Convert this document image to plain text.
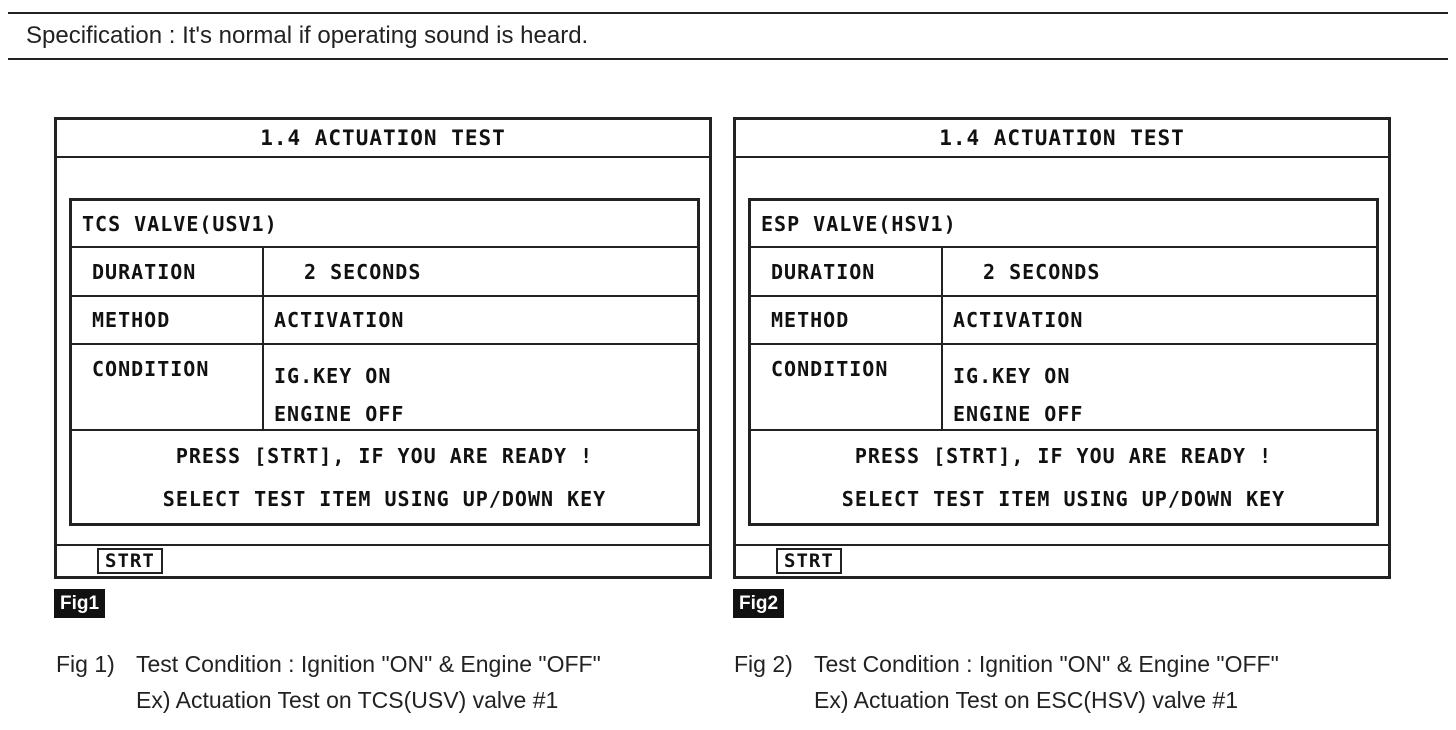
Specification : It's normal if operating sound is heard.
1.4 ACTUATION TEST
TCS VALVE(USV1)
DURATION	2 SECONDS
METHOD	ACTIVATION
CONDITION	IG.KEY ON
ENGINE OFF
PRESS [STRT], IF YOU ARE READY !
SELECT TEST ITEM USING UP/DOWN KEY
STRT
Fig1
Fig 1) Test Condition : Ignition "ON" & Engine "OFF"
Ex) Actuation Test on TCS(USV) valve #1
1.4 ACTUATION TEST
ESP VALVE(HSV1)
DURATION	2 SECONDS
METHOD	ACTIVATION
CONDITION	IG.KEY ON
ENGINE OFF
PRESS [STRT], IF YOU ARE READY !
SELECT TEST ITEM USING UP/DOWN KEY
STRT
Fig2
Fig 2) Test Condition : Ignition "ON" & Engine "OFF"
Ex) Actuation Test on ESC(HSV) valve #1
